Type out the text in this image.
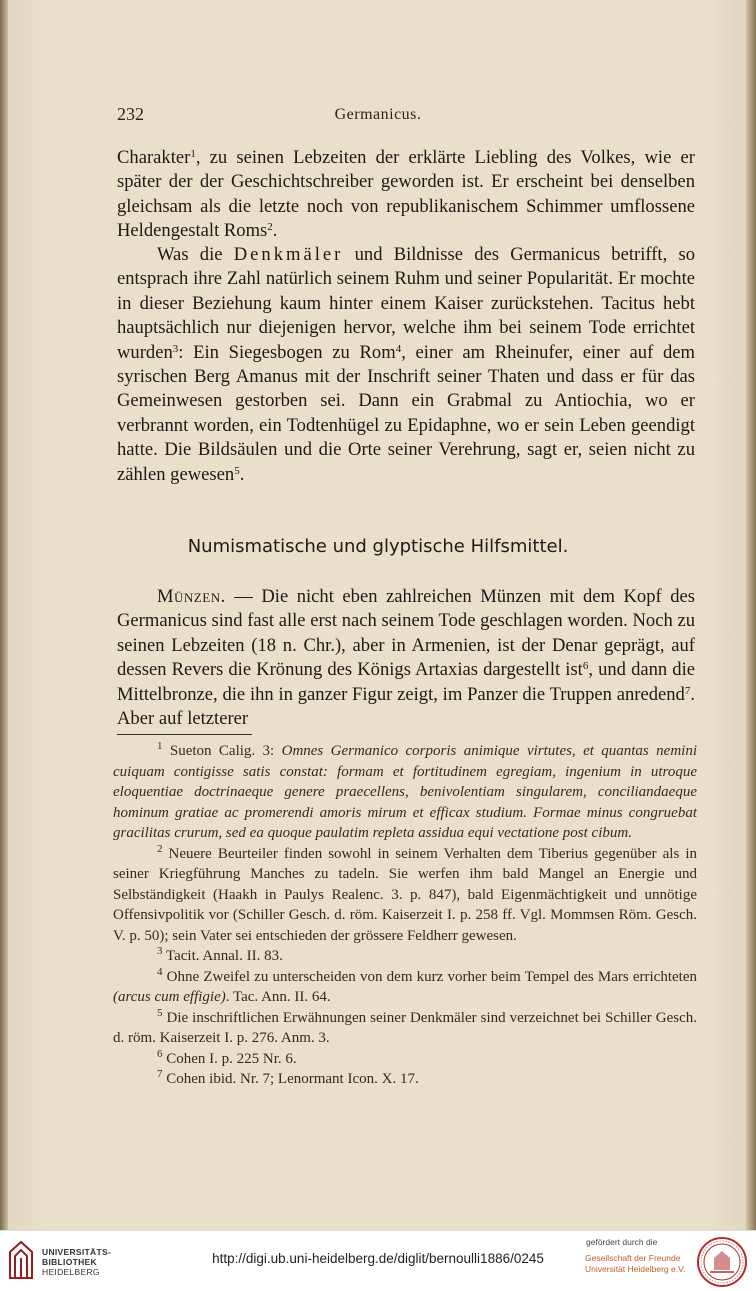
232	Germanicus.

Charakter$^1$, zu seinen Lebzeiten der erklärte Liebling des Volkes, wie er später der der Geschichtschreiber geworden ist. Er erscheint bei denselben gleichsam als die letzte noch von republikanischem Schimmer umflossene Heldengestalt Roms$^2$.

Was die Denkmäler und Bildnisse des Germanicus betrifft, so entsprach ihre Zahl natürlich seinem Ruhm und seiner Popularität. Er mochte in dieser Beziehung kaum hinter einem Kaiser zurückstehen. Tacitus hebt hauptsächlich nur diejenigen hervor, welche ihm bei seinem Tode errichtet wurden$^3$: Ein Siegesbogen zu Rom$^4$, einer am Rheinufer, einer auf dem syrischen Berg Amanus mit der Inschrift seiner Thaten und dass er für das Gemeinwesen gestorben sei. Dann ein Grabmal zu Antiochia, wo er verbrannt worden, ein Todtenhügel zu Epidaphne, wo er sein Leben geendigt hatte. Die Bildsäulen und die Orte seiner Verehrung, sagt er, seien nicht zu zählen gewesen$^5$.

Numismatische und glyptische Hilfsmittel.

Münzen. — Die nicht eben zahlreichen Münzen mit dem Kopf des Germanicus sind fast alle erst nach seinem Tode geschlagen worden. Noch zu seinen Lebzeiten (18 n. Chr.), aber in Armenien, ist der Denar geprägt, auf dessen Revers die Krönung des Königs Artaxias dargestellt ist$^6$, und dann die Mittelbronze, die ihn in ganzer Figur zeigt, im Panzer die Truppen anredend$^7$. Aber auf letzterer

$^1$ Sueton Calig. 3: Omnes Germanico corporis animique virtutes, et quantas nemini cuiquam contigisse satis constat: formam et fortitudinem egregiam, ingenium in utroque eloquentiae doctrinaeque genere praecellens, benivolentiam singularem, conciliandaeque hominum gratiae ac promerendi amoris mirum et efficax studium. Formae minus congruebat gracilitas crurum, sed ea quoque paulatim repleta assidua equi vectatione post cibum.

$^2$ Neuere Beurteiler finden sowohl in seinem Verhalten dem Tiberius gegenüber als in seiner Kriegführung Manches zu tadeln. Sie werfen ihm bald Mangel an Energie und Selbständigkeit (Haakh in Paulys Realenc. 3. p. 847), bald Eigenmächtigkeit und unnötige Offensivpolitik vor (Schiller Gesch. d. röm. Kaiserzeit I. p. 258 ff. Vgl. Mommsen Röm. Gesch. V. p. 50); sein Vater sei entschieden der grössere Feldherr gewesen.

$^3$ Tacit. Annal. II. 83.

$^4$ Ohne Zweifel zu unterscheiden von dem kurz vorher beim Tempel des Mars errichteten (arcus cum effigie). Tac. Ann. II. 64.

$^5$ Die inschriftlichen Erwähnungen seiner Denkmäler sind verzeichnet bei Schiller Gesch. d. röm. Kaiserzeit I. p. 276. Anm. 3.

$^6$ Cohen I. p. 225 Nr. 6.

$^7$ Cohen ibid. Nr. 7; Lenormant Icon. X. 17.

UNIVERSITÄTS-
BIBLIOTHEK
HEIDELBERG
http://digi.ub.uni-heidelberg.de/diglit/bernoulli1886/0245
gefördert durch die
Gesellschaft der Freunde
Universität Heidelberg e.V.
